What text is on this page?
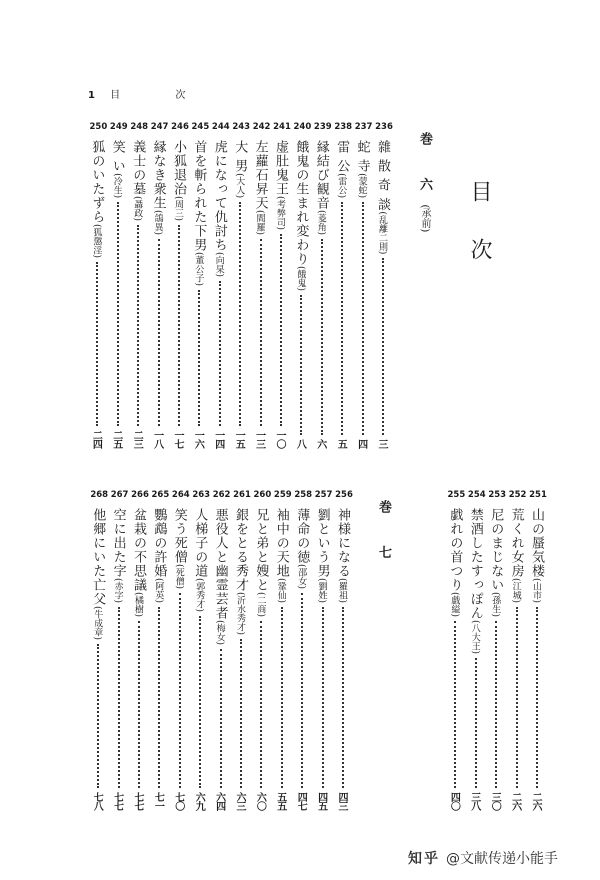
1 目 次
目次
巻 六(承前)
巻 七
236
雜 散 奇 談(乱離二則)
三
237
蛇 寺(蒙蛇)
四
238
雷 公(雷公)
五
239
縁結び観音(菱角)
六
240
餓鬼の生まれ変わり(餓鬼)
八
241
虚肚鬼王(考弊司)
一〇
242
左蘿石昇天(閻羅)
一三
243
大 男(大人)
一五
244
虎になって仇討ち(向杲)
一四
245
首を斬られた下男(董公子)
一六
246
小狐退治(周三)
一七
247
縁なき衆生(鴿異)
一八
248
義士の墓(聶政)
二三
249
笑 い(冷生)
二五
250
狐のいたずら(狐懲淫)
二四
256
神様になる(羅祖)
四三
257
劉という男(劉姓)
四五
258
薄命の徳(邵女)
四七
259
袖中の天地(鞏仙)
五五
260
兄と弟と嫂と(二商)
六〇
261
銀をとる秀才(沂水秀才)
六三
262
悪役人と幽霊芸者(梅女)
六四
263
人梯子の道(郭秀才)
六九
264
笑う死僧(死僧)
七〇
265
鸚鵡の許婚(阿英)
七一
266
盆栽の不思議(橘樹)
七七
267
空に出た字(赤字)
七七
268
他郷にいた亡父(牛成章)
七八
251
山の蜃気楼(山市)
二六
252
荒くれ女房(江城)
二六
253
尼のまじない(孫生)
三〇
254
禁酒したすっぽん(八大王)
三八
255
戯れの首つり(戯縊)
四〇
知乎 @文献传递小能手
